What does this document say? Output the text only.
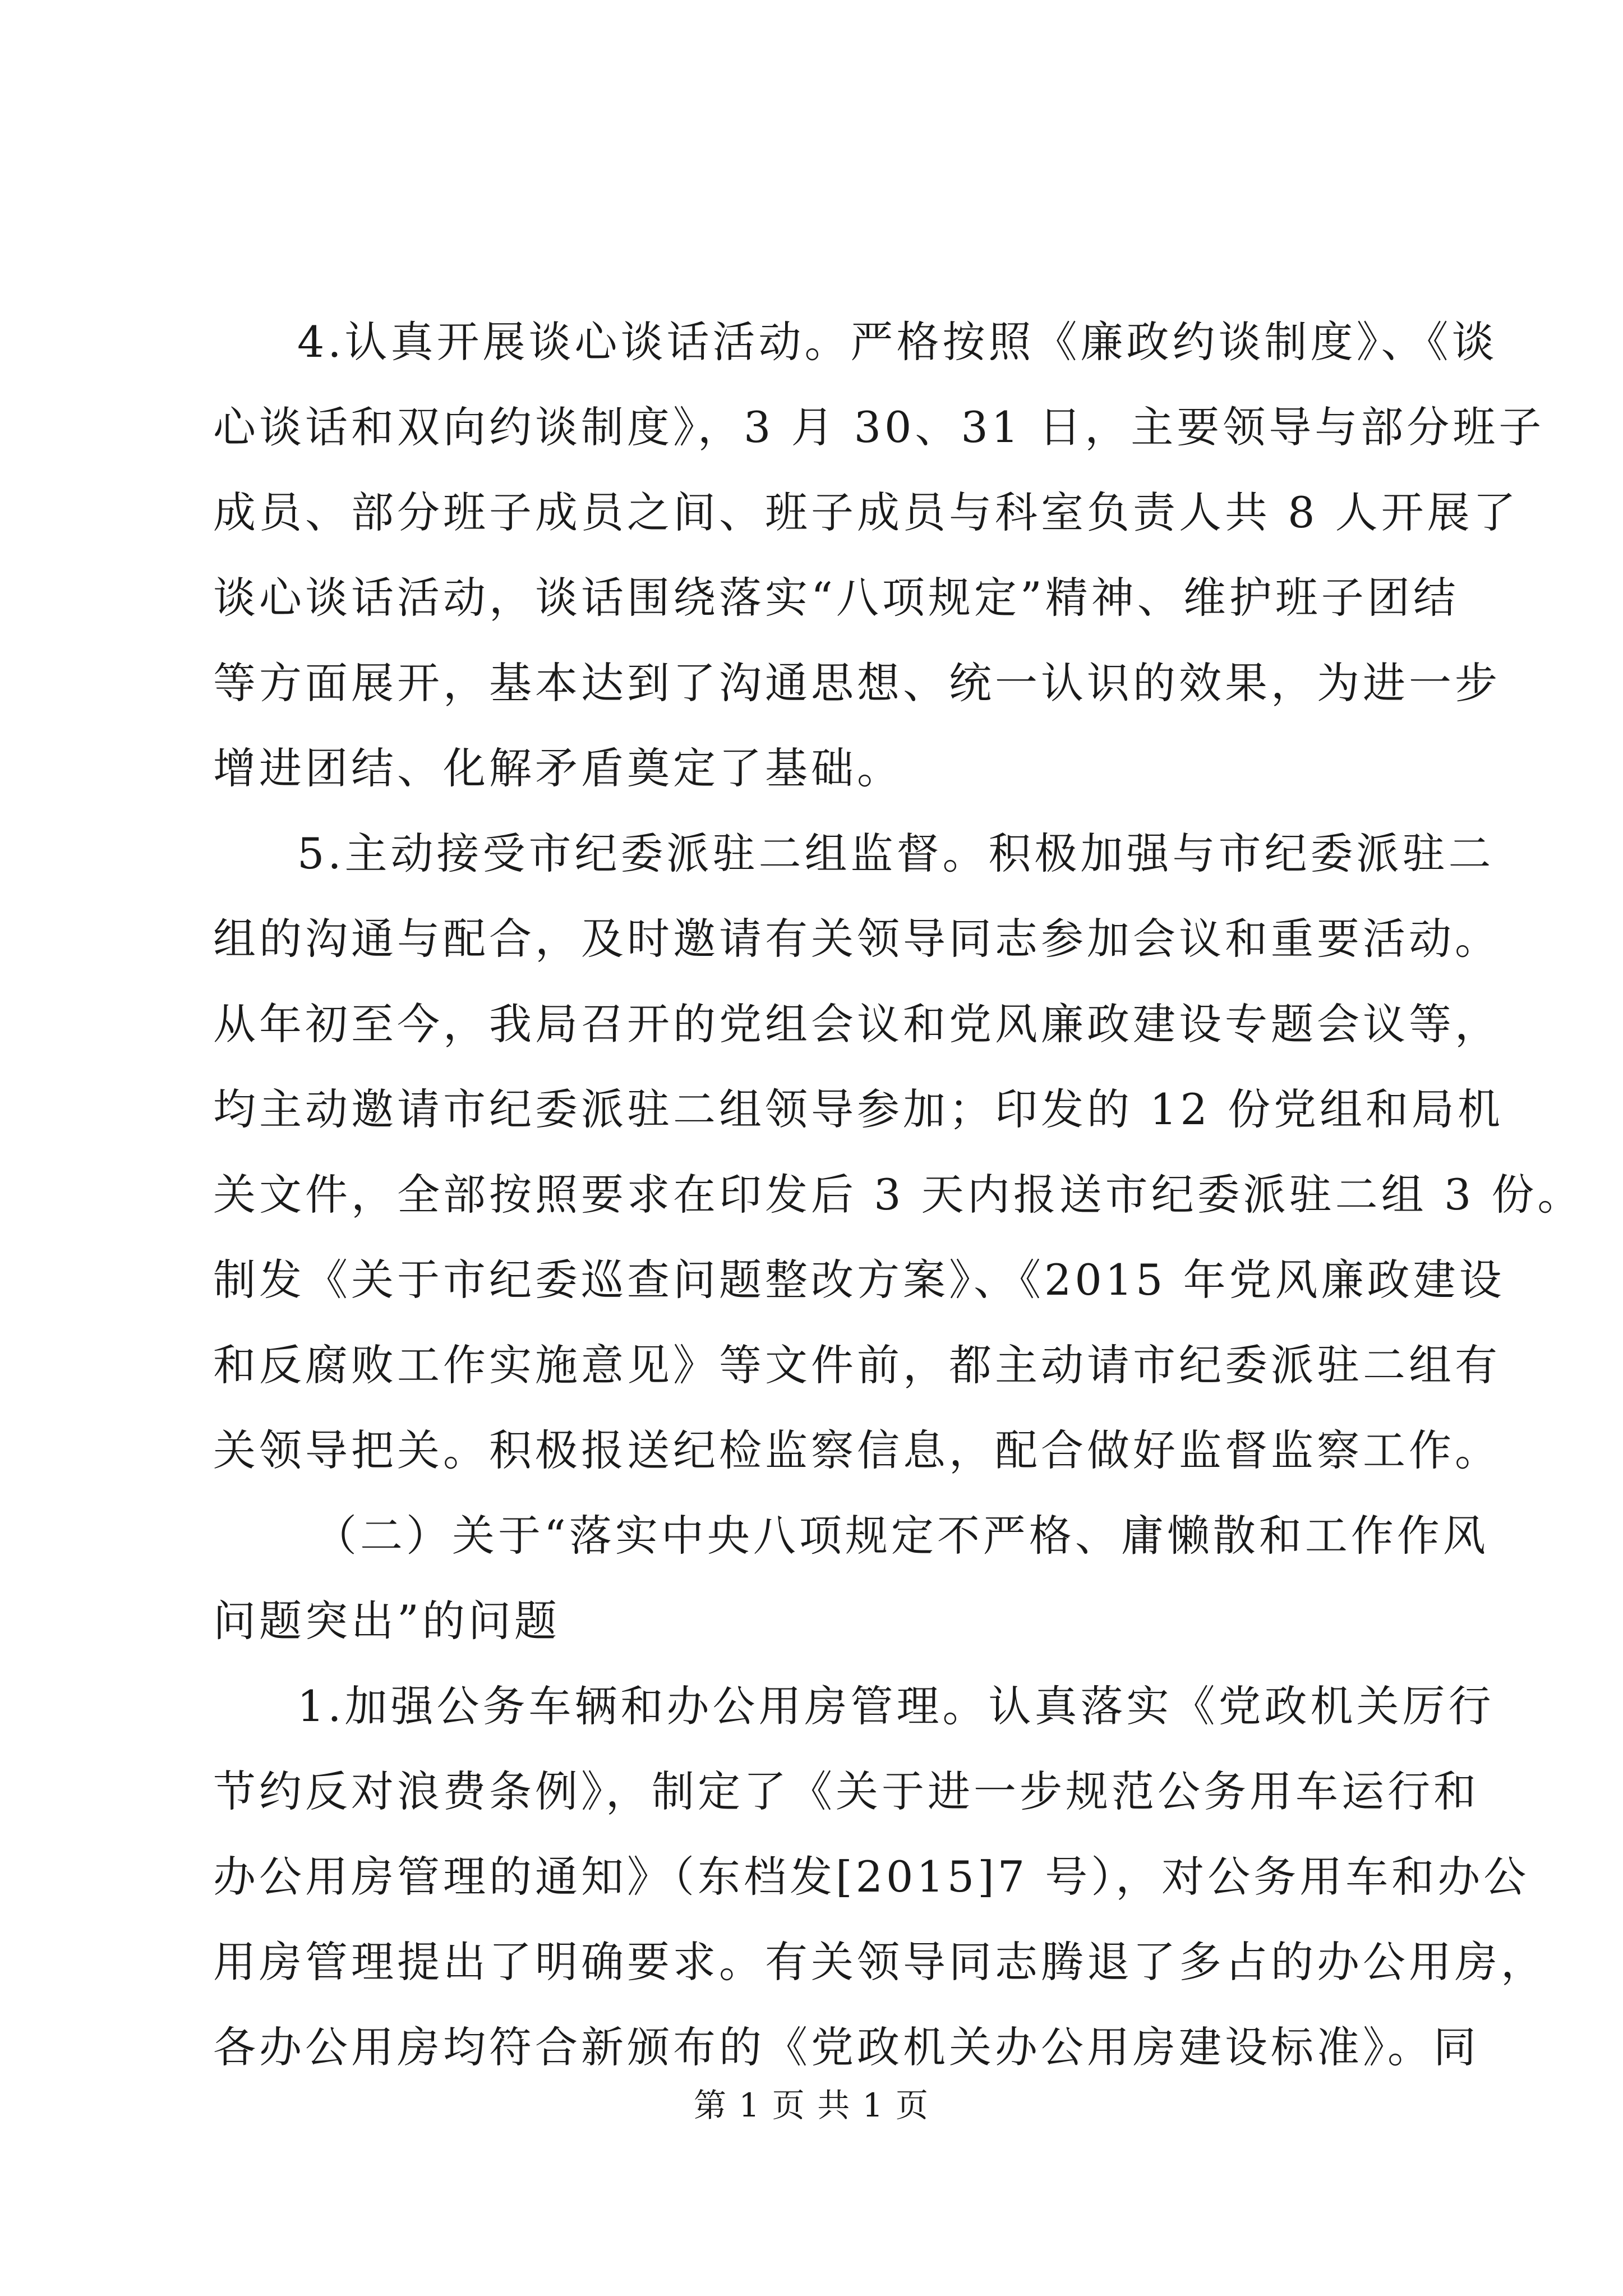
4.认真开展谈心谈话活动。严格按照《廉政约谈制度》、《谈
心谈话和双向约谈制度》，3 月 30、31 日，主要领导与部分班子
成员、部分班子成员之间、班子成员与科室负责人共 8 人开展了
谈心谈话活动，谈话围绕落实“八项规定”精神、维护班子团结
等方面展开，基本达到了沟通思想、统一认识的效果，为进一步
增进团结、化解矛盾奠定了基础。
5.主动接受市纪委派驻二组监督。积极加强与市纪委派驻二
组的沟通与配合，及时邀请有关领导同志参加会议和重要活动。
从年初至今，我局召开的党组会议和党风廉政建设专题会议等，
均主动邀请市纪委派驻二组领导参加；印发的 12 份党组和局机
关文件，全部按照要求在印发后 3 天内报送市纪委派驻二组 3 份。
制发《关于市纪委巡查问题整改方案》、《2015 年党风廉政建设
和反腐败工作实施意见》等文件前，都主动请市纪委派驻二组有
关领导把关。积极报送纪检监察信息，配合做好监督监察工作。
（二）关于“落实中央八项规定不严格、庸懒散和工作作风
问题突出”的问题
1.加强公务车辆和办公用房管理。认真落实《党政机关厉行
节约反对浪费条例》，制定了《关于进一步规范公务用车运行和
办公用房管理的通知》（东档发[2015]7 号），对公务用车和办公
用房管理提出了明确要求。有关领导同志腾退了多占的办公用房，
各办公用房均符合新颁布的《党政机关办公用房建设标准》。同
第 1 页 共 1 页
